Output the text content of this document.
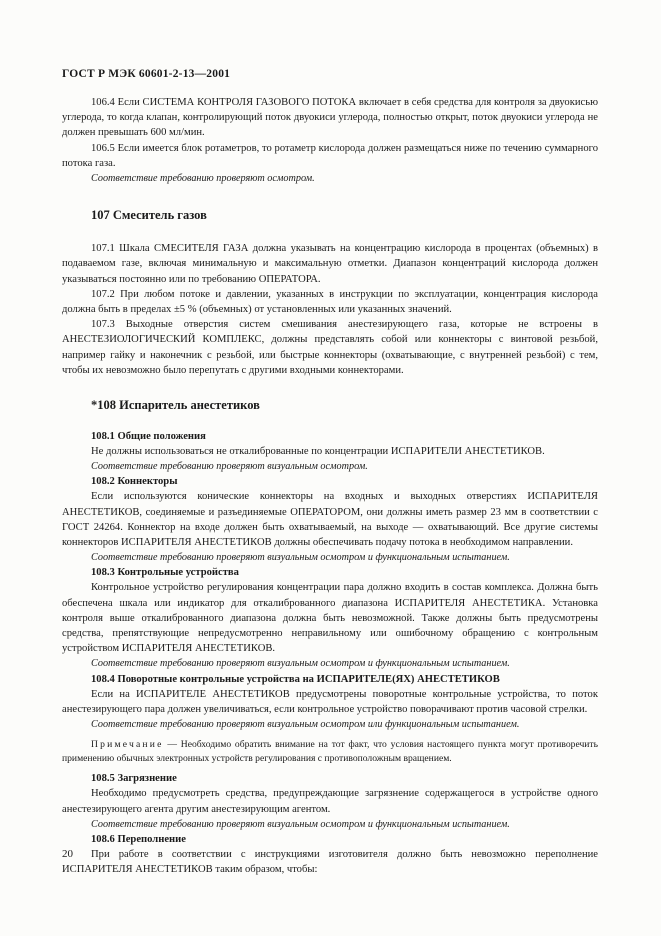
ГОСТ Р МЭК 60601-2-13—2001

106.4 Если СИСТЕМА КОНТРОЛЯ ГАЗОВОГО ПОТОКА включает в себя средства для контроля за двуокисью углерода, то когда клапан, контролирующий поток двуокиси углерода, полностью открыт, поток двуокиси углерода не должен превышать 600 мл/мин.

106.5 Если имеется блок ротаметров, то ротаметр кислорода должен размещаться ниже по течению суммарного потока газа.

Соответствие требованию проверяют осмотром.

107 Смеситель газов

107.1 Шкала СМЕСИТЕЛЯ ГАЗА должна указывать на концентрацию кислорода в процентах (объемных) в подаваемом газе, включая минимальную и максимальную отметки. Диапазон концентраций кислорода должен указываться постоянно или по требованию ОПЕРАТОРА.

107.2 При любом потоке и давлении, указанных в инструкции по эксплуатации, концентрация кислорода должна быть в пределах ±5 % (объемных) от установленных или указанных значений.

107.3 Выходные отверстия систем смешивания анестезирующего газа, которые не встроены в АНЕСТЕЗИОЛОГИЧЕСКИЙ КОМПЛЕКС, должны представлять собой или коннекторы с винтовой резьбой, например гайку и наконечник с резьбой, или быстрые коннекторы (охватывающие, с внутренней резьбой) с тем, чтобы их невозможно было перепутать с другими входными коннекторами.

*108 Испаритель анестетиков
108.1 Общие положения

Не должны использоваться не откалиброванные по концентрации ИСПАРИТЕЛИ АНЕСТЕТИКОВ.

Соответствие требованию проверяют визуальным осмотром.

108.2 Коннекторы

Если используются конические коннекторы на входных и выходных отверстиях ИСПАРИТЕЛЯ АНЕСТЕТИКОВ, соединяемые и разъединяемые ОПЕРАТОРОМ, они должны иметь размер 23 мм в соответствии с ГОСТ 24264. Коннектор на входе должен быть охватываемый, на выходе — охватывающий. Все другие системы коннекторов ИСПАРИТЕЛЯ АНЕСТЕТИКОВ должны обеспечивать подачу потока в необходимом направлении.

Соответствие требованию проверяют визуальным осмотром и функциональным испытанием.

108.3 Контрольные устройства

Контрольное устройство регулирования концентрации пара должно входить в состав комплекса. Должна быть обеспечена шкала или индикатор для откалиброванного диапазона ИСПАРИТЕЛЯ АНЕСТЕТИКА. Установка контроля выше откалиброванного диапазона должна быть невозможной. Также должны быть предусмотрены средства, препятствующие непредусмотренно неправильному или ошибочному обращению с контрольным устройством ИСПАРИТЕЛЯ АНЕСТЕТИКОВ.

Соответствие требованию проверяют визуальным осмотром и функциональным испытанием.

108.4 Поворотные контрольные устройства на ИСПАРИТЕЛЕ(ЯХ) АНЕСТЕТИКОВ

Если на ИСПАРИТЕЛЕ АНЕСТЕТИКОВ предусмотрены поворотные контрольные устройства, то поток анестезирующего пара должен увеличиваться, если контрольное устройство поворачивают против часовой стрелки.

Соответствие требованию проверяют визуальным осмотром или функциональным испытанием.

Примечание — Необходимо обратить внимание на тот факт, что условия настоящего пункта могут противоречить применению обычных электронных устройств регулирования с противоположным вращением.

108.5 Загрязнение

Необходимо предусмотреть средства, предупреждающие загрязнение содержащегося в устройстве одного анестезирующего агента другим анестезирующим агентом.

Соответствие требованию проверяют визуальным осмотром и функциональным испытанием.

108.6 Переполнение

При работе в соответствии с инструкциями изготовителя должно быть невозможно переполнение ИСПАРИТЕЛЯ АНЕСТЕТИКОВ таким образом, чтобы:

20
